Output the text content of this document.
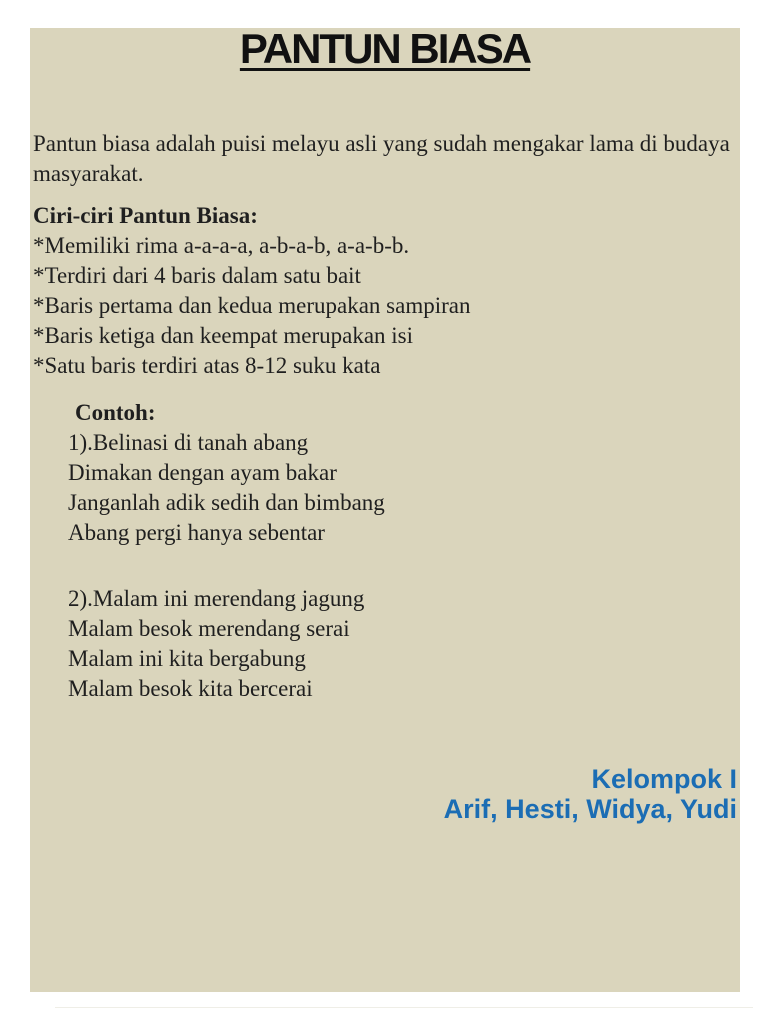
PANTUN BIASA
Pantun biasa adalah puisi melayu asli yang sudah mengakar lama di budaya
masyarakat.
Ciri-ciri Pantun Biasa:
*Memiliki rima a-a-a-a, a-b-a-b, a-a-b-b.
*Terdiri dari 4 baris dalam satu bait
*Baris pertama dan kedua merupakan sampiran
*Baris ketiga dan keempat merupakan isi
*Satu baris terdiri atas 8-12 suku kata
Contoh:
1).Belinasi di tanah abang
Dimakan dengan ayam bakar
Janganlah adik sedih dan bimbang
Abang pergi hanya sebentar
2).Malam ini merendang jagung
Malam besok merendang serai
Malam ini kita bergabung
Malam besok kita bercerai
Kelompok I
Arif, Hesti, Widya, Yudi
